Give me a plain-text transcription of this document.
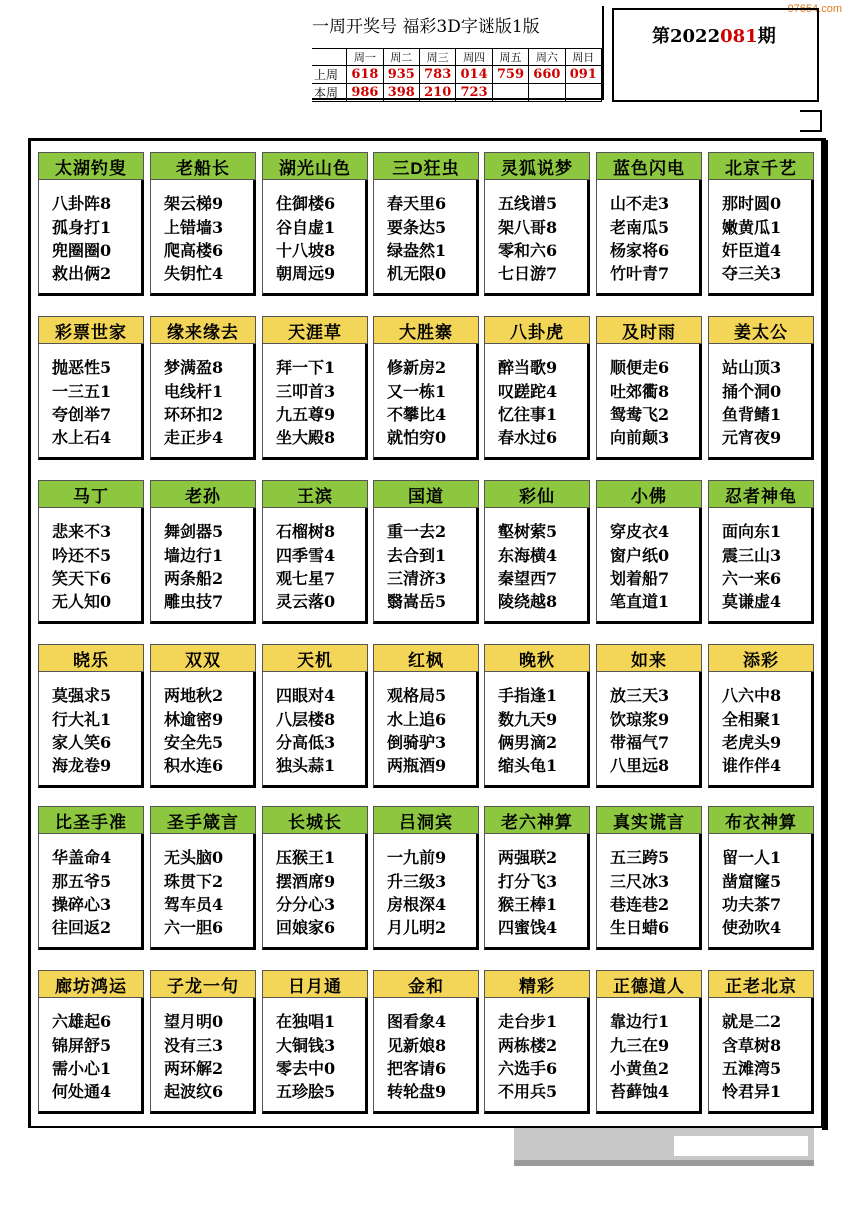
97654.com
一周开奖号 福彩3D字谜版1版
	周一	周二	周三	周四	周五	周六	周日
上周	618	935	783	014	759	660	091
本周	986	398	210	723			
第2022081期
太湖钓叟
八卦阵8
孤身打1
兜圈圈0
救出俩2
老船长
架云梯9
上错墙3
爬高楼6
失钥忙4
湖光山色
住御楼6
谷自虚1
十八坡8
朝周远9
三D狂虫
春天里6
要条达5
绿盎然1
机无限0
灵狐说梦
五线谱5
架八哥8
零和六6
七日游7
蓝色闪电
山不走3
老南瓜5
杨家将6
竹叶青7
北京千艺
那时圆0
嫩黄瓜1
奸臣道4
夺三关3
彩票世家
抛恶性5
一三五1
夸创举7
水上石4
缘来缘去
梦满盈8
电线杆1
环环扣2
走正步4
天涯草
拜一下1
三叩首3
九五尊9
坐大殿8
大胜寨
修新房2
又一栋1
不攀比4
就怕穷0
八卦虎
醉当歌9
叹蹉跎4
忆往事1
春水过6
及时雨
顺便走6
吐郊衢8
鸳鸯飞2
向前颠3
姜太公
站山顶3
捅个洞0
鱼背鳍1
元宵夜9
马丁
悲来不3
吟还不5
笑天下6
无人知0
老孙
舞剑器5
墙边行1
两条船2
雕虫技7
王滨
石榴树8
四季雪4
观七星7
灵云落0
国道
重一去2
去合到1
三清济3
翳嵩岳5
彩仙
壑树萦5
东海横4
秦望西7
陵绕越8
小佛
穿皮衣4
窗户纸0
划着船7
笔直道1
忍者神龟
面向东1
震三山3
六一来6
莫谦虚4
晓乐
莫强求5
行大礼1
家人笑6
海龙卷9
双双
两地秋2
林逾密9
安全先5
积水连6
天机
四眼对4
八层楼8
分高低3
独头蒜1
红枫
观格局5
水上追6
倒骑驴3
两瓶酒9
晚秋
手指逢1
数九天9
俩男滴2
缩头龟1
如来
放三天3
饮琼浆9
带福气7
八里远8
添彩
八六中8
全相聚1
老虎头9
谁作伴4
比圣手准
华盖命4
那五爷5
操碎心3
往回返2
圣手箴言
无头脑0
珠贯下2
驾车员4
六一胆6
长城长
压猴王1
摆酒席9
分分心3
回娘家6
吕洞宾
一九前9
升三级3
房根深4
月儿明2
老六神算
两强联2
打分飞3
猴王棒1
四蜜饯4
真实谎言
五三跨5
三尺冰3
巷连巷2
生日蜡6
布衣神算
留一人1
凿窟窿5
功夫茶7
使劲吹4
廊坊鸿运
六雄起6
锦屏舒5
需小心1
何处通4
子龙一句
望月明0
没有三3
两环解2
起波纹6
日月通
在独唱1
大铜钱3
零去中0
五珍脍5
金和
图看象4
见新娘8
把客请6
转轮盘9
精彩
走台步1
两栋楼2
六选手6
不用兵5
正德道人
靠边行1
九三在9
小黄鱼2
苔藓蚀4
正老北京
就是二2
含草树8
五滩湾5
怜君异1
